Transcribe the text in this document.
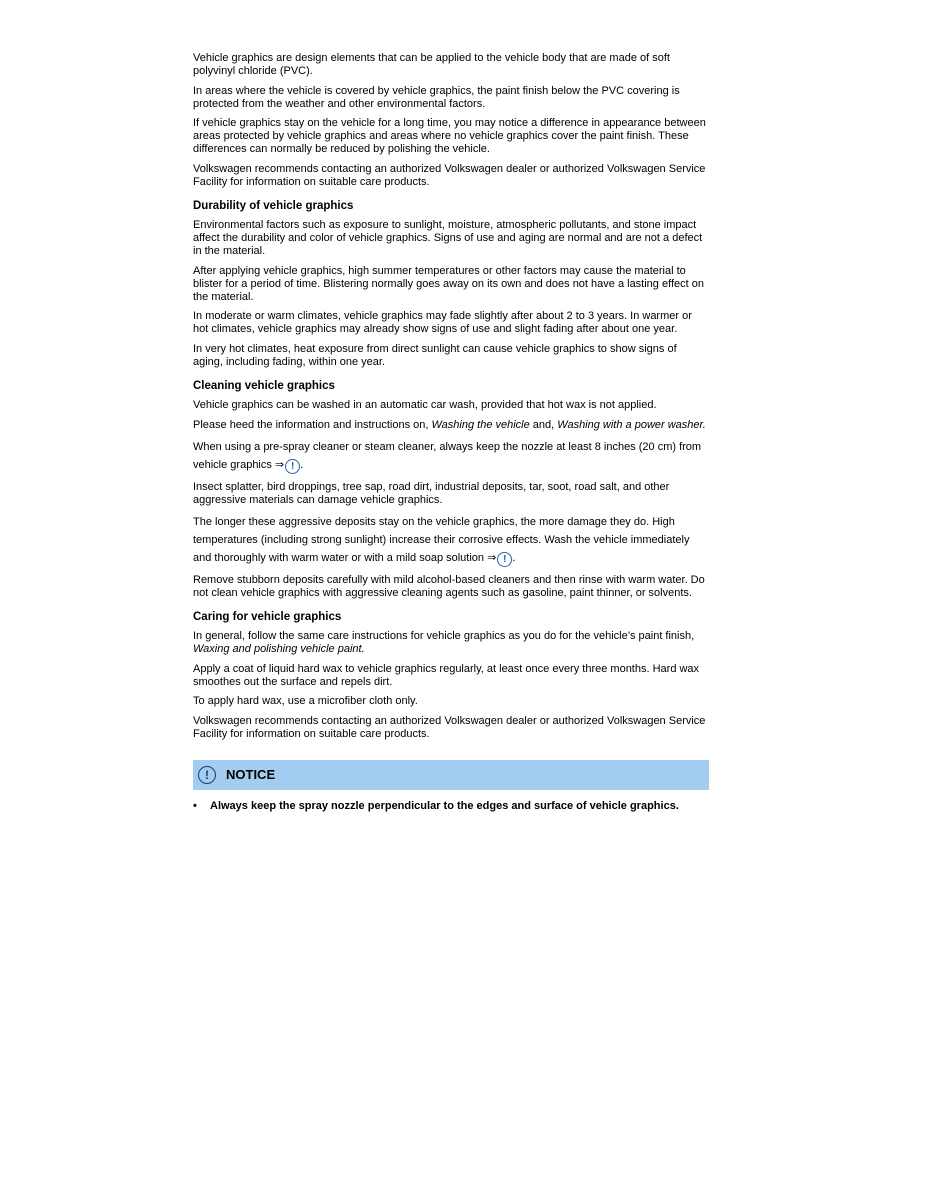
Vehicle graphics are design elements that can be applied to the vehicle body that are made of soft polyvinyl chloride (PVC).

In areas where the vehicle is covered by vehicle graphics, the paint finish below the PVC covering is protected from the weather and other environmental factors.

If vehicle graphics stay on the vehicle for a long time, you may notice a difference in appearance between areas protected by vehicle graphics and areas where no vehicle graphics cover the paint finish. These differences can normally be reduced by polishing the vehicle.

Volkswagen recommends contacting an authorized Volkswagen dealer or authorized Volkswagen Service Facility for information on suitable care products.

Durability of vehicle graphics

Environmental factors such as exposure to sunlight, moisture, atmospheric pollutants, and stone impact affect the durability and color of vehicle graphics. Signs of use and aging are normal and are not a defect in the material.

After applying vehicle graphics, high summer temperatures or other factors may cause the material to blister for a period of time. Blistering normally goes away on its own and does not have a lasting effect on the material.

In moderate or warm climates, vehicle graphics may fade slightly after about 2 to 3 years. In warmer or hot climates, vehicle graphics may already show signs of use and slight fading after about one year.

In very hot climates, heat exposure from direct sunlight can cause vehicle graphics to show signs of aging, including fading, within one year.

Cleaning vehicle graphics

Vehicle graphics can be washed in an automatic car wash, provided that hot wax is not applied.

Please heed the information and instructions on, Washing the vehicle and, Washing with a power washer.

When using a pre-spray cleaner or steam cleaner, always keep the nozzle at least 8 inches (20 cm) from vehicle graphics ⇒ ! .

Insect splatter, bird droppings, tree sap, road dirt, industrial deposits, tar, soot, road salt, and other aggressive materials can damage vehicle graphics.

The longer these aggressive deposits stay on the vehicle graphics, the more damage they do. High temperatures (including strong sunlight) increase their corrosive effects. Wash the vehicle immediately and thoroughly with warm water or with a mild soap solution ⇒ ! .

Remove stubborn deposits carefully with mild alcohol-based cleaners and then rinse with warm water. Do not clean vehicle graphics with aggressive cleaning agents such as gasoline, paint thinner, or solvents.

Caring for vehicle graphics

In general, follow the same care instructions for vehicle graphics as you do for the vehicle’s paint finish, Waxing and polishing vehicle paint.

Apply a coat of liquid hard wax to vehicle graphics regularly, at least once every three months. Hard wax smoothes out the surface and repels dirt.

To apply hard wax, use a microfiber cloth only.

Volkswagen recommends contacting an authorized Volkswagen dealer or authorized Volkswagen Service Facility for information on suitable care products.

!	NOTICE
• Always keep the spray nozzle perpendicular to the edges and surface of vehicle graphics.
